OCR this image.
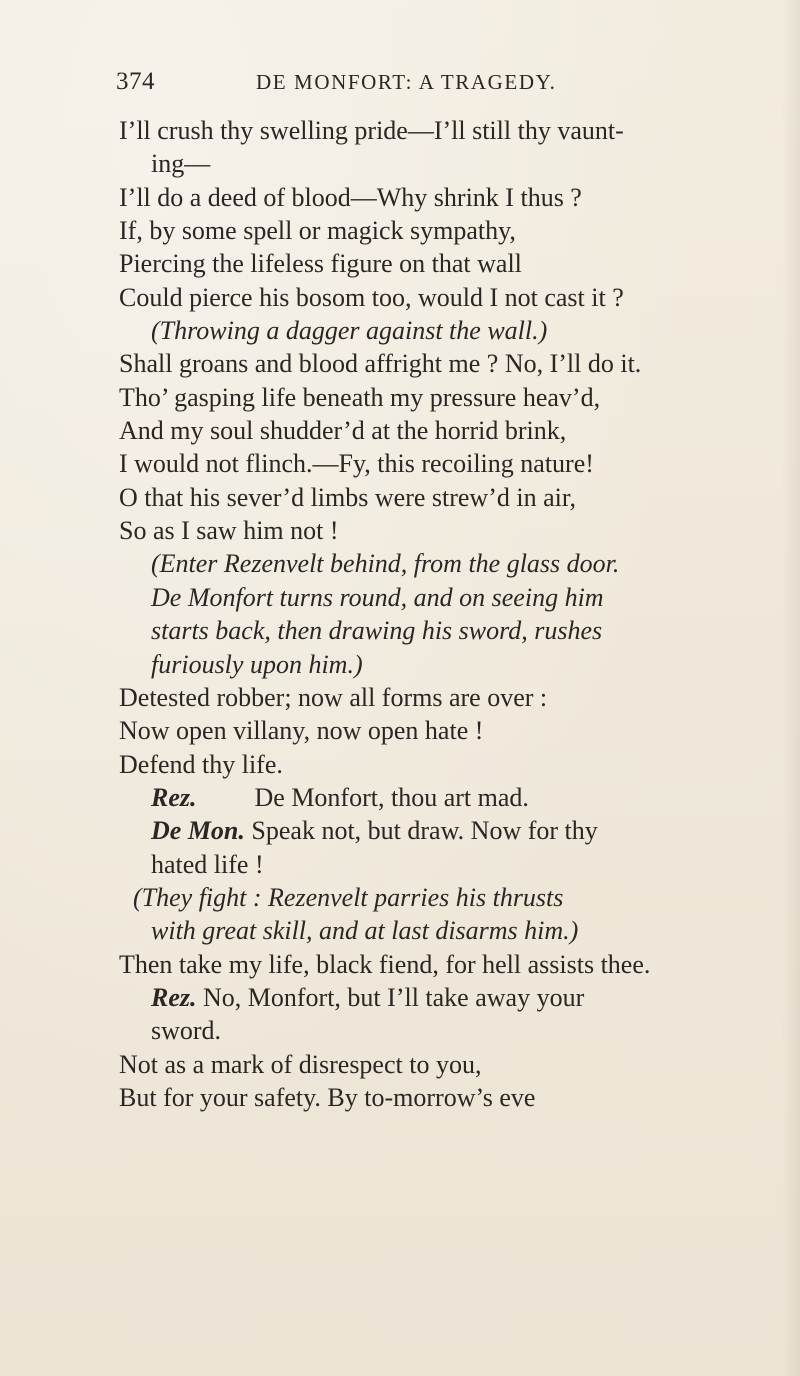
374	DE MONFORT: A TRAGEDY.
I’ll crush thy swelling pride—I’ll still thy vaunt-
ing—
I’ll do a deed of blood—Why shrink I thus ?
If, by some spell or magick sympathy,
Piercing the lifeless figure on that wall
Could pierce his bosom too, would I not cast it ?
(Throwing a dagger against the wall.)
Shall groans and blood affright me ? No, I’ll do it.
Tho’ gasping life beneath my pressure heav’d,
And my soul shudder’d at the horrid brink,
I would not flinch.—Fy, this recoiling nature!
O that his sever’d limbs were strew’d in air,
So as I saw him not !
(Enter Rezenvelt behind, from the glass door.
De Monfort turns round, and on seeing him
starts back, then drawing his sword, rushes
furiously upon him.)
Detested robber; now all forms are over :
Now open villany, now open hate !
Defend thy life.
Rez. De Monfort, thou art mad.
De Mon. Speak not, but draw. Now for thy
hated life !
(They fight : Rezenvelt parries his thrusts
with great skill, and at last disarms him.)
Then take my life, black fiend, for hell assists thee.
Rez. No, Monfort, but I’ll take away your
sword.
Not as a mark of disrespect to you,
But for your safety. By to-morrow’s eve
